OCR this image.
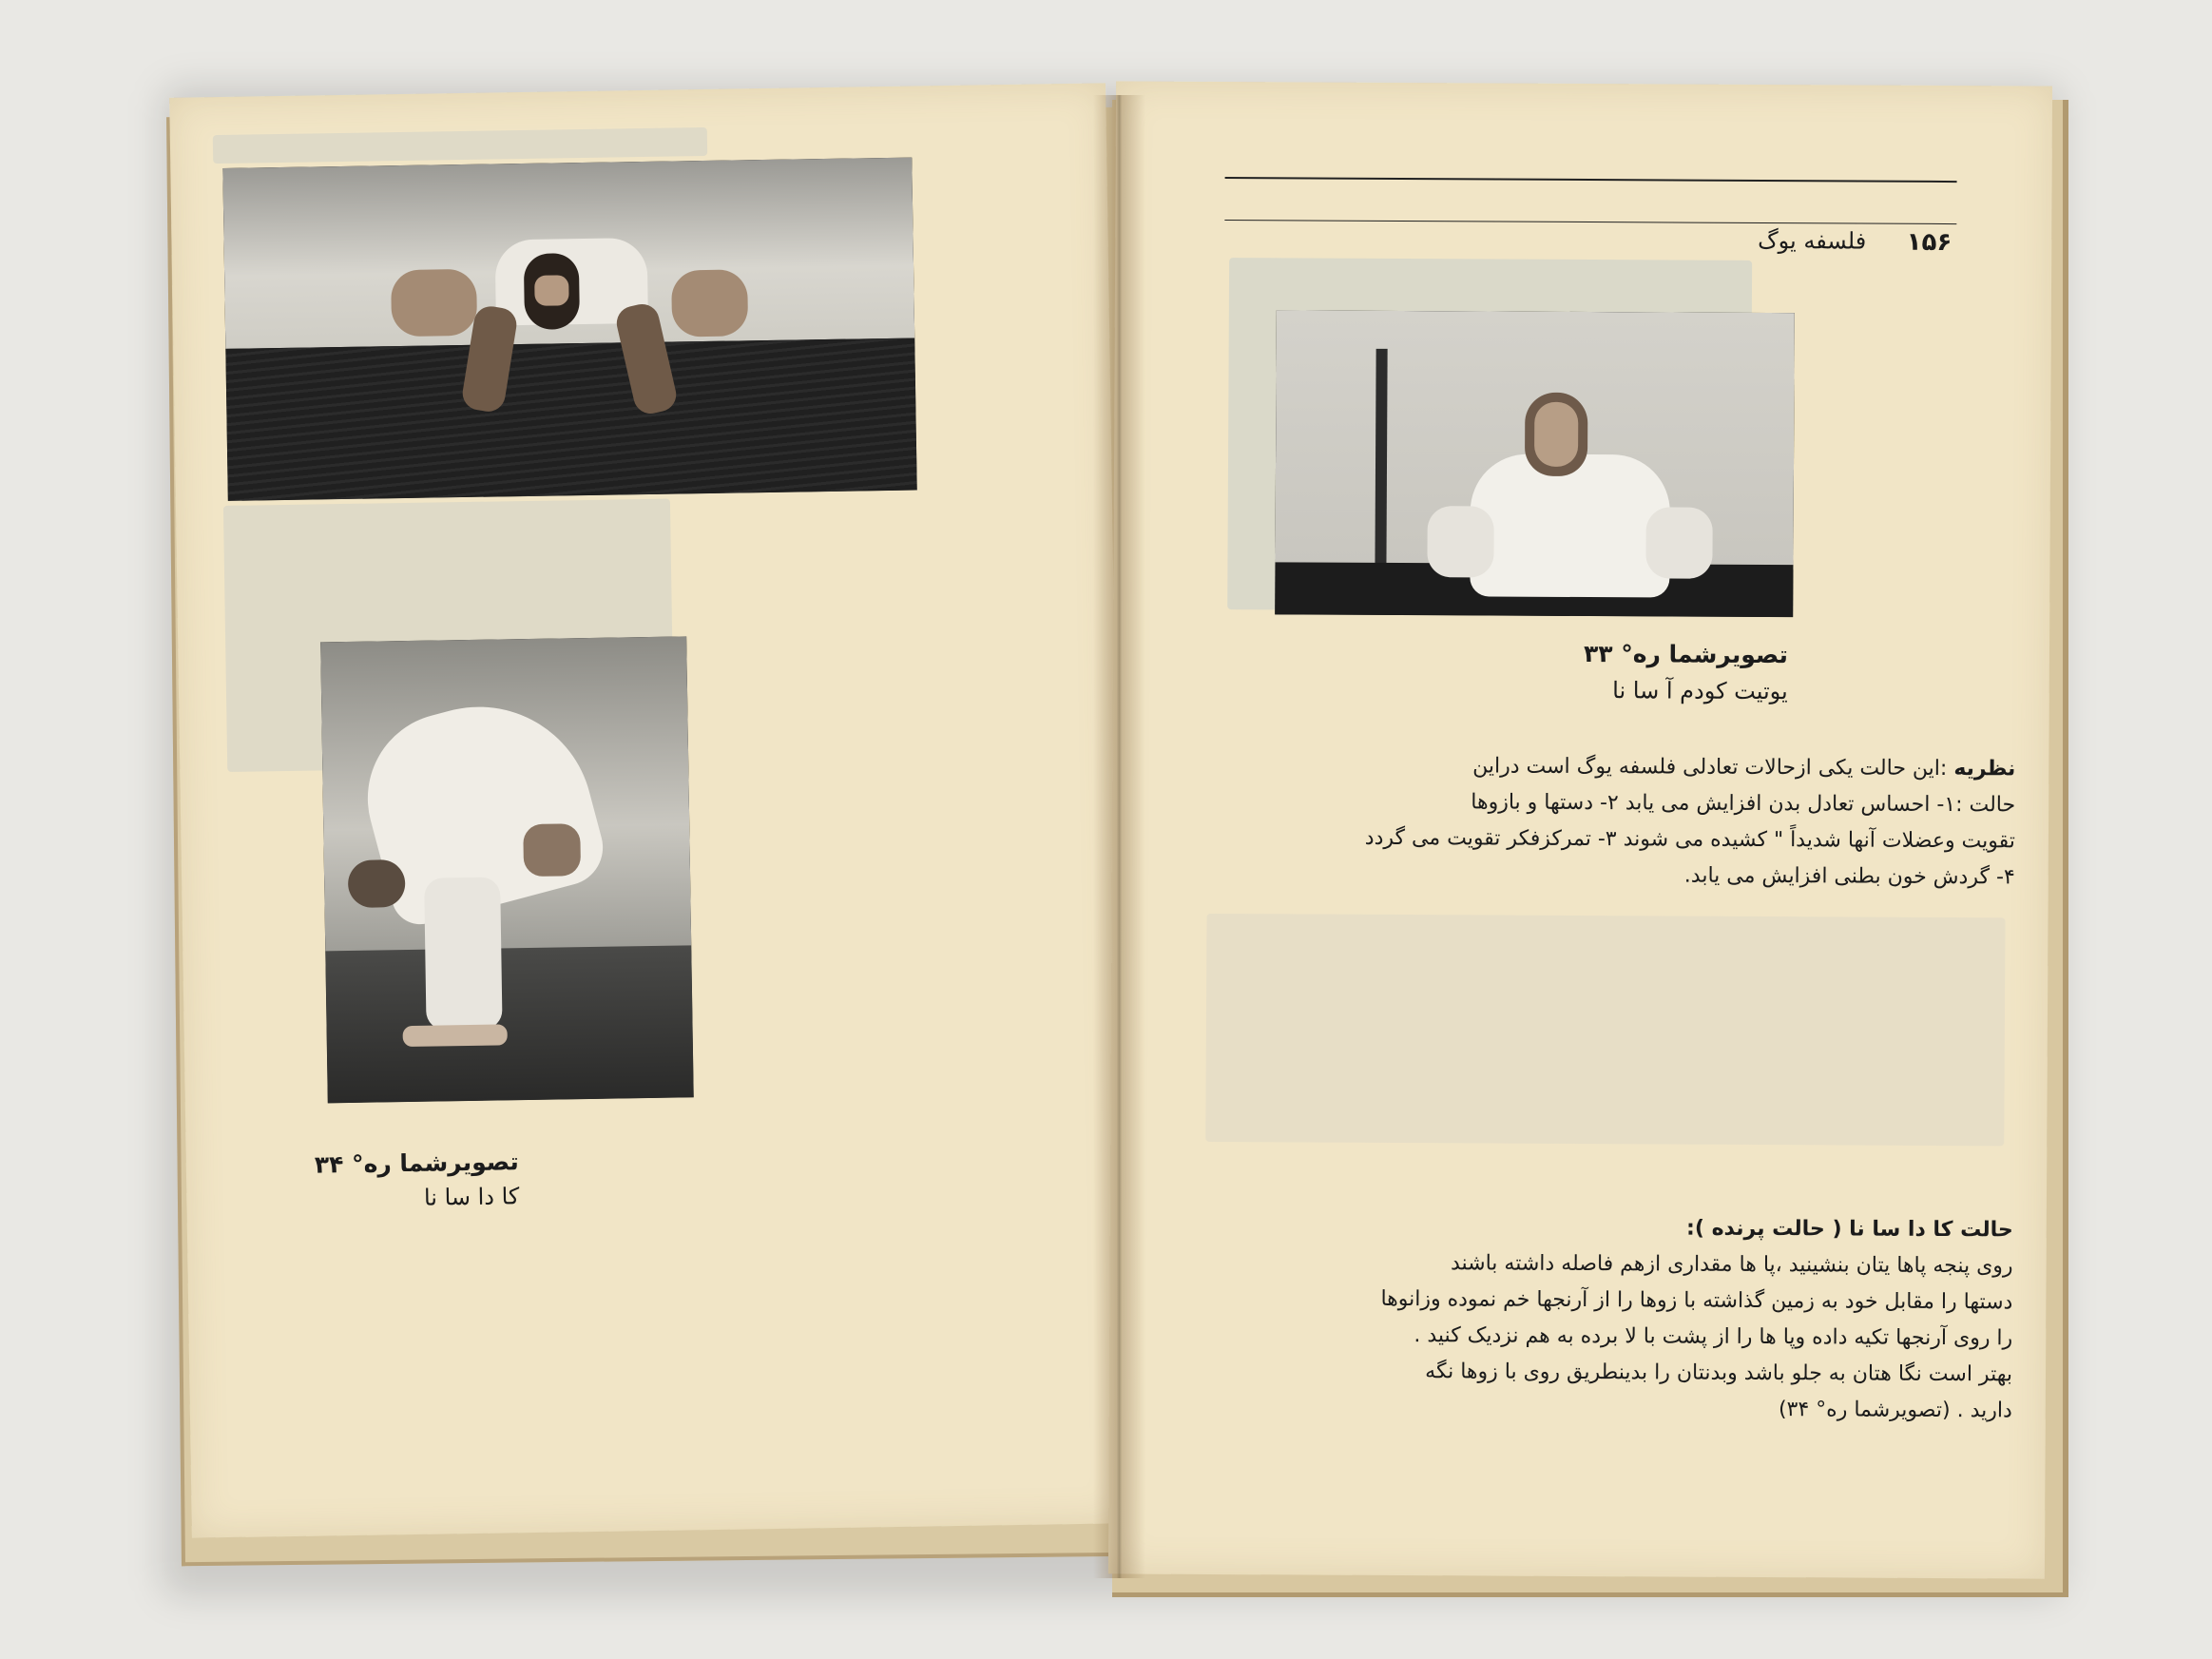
تصویرشما ره° ۳۴
کا دا سا نا
۱۵۶
فلسفه یوگ
تصویرشما ره° ۳۳
یوتیت کودم آ سا نا
نظریه :این حالت یکی ازحالات تعادلی فلسفه یوگ است دراین
حالت :۱- احساس تعادل بدن افزایش می یابد ۲- دستها و بازوها
تقویت وعضلات آنها شدیداً " کشیده می شوند ۳- تمرکزفکر تقویت می گردد
۴- گردش خون بطنی افزایش می یابد.
حالت کا دا سا نا ( حالت پرنده ):
روی پنجه پاها یتان بنشینید ،پا ها مقداری ازهم فاصله داشته باشند
دستها را مقابل خود به زمین گذاشته با زوها را از آرنجها خم نموده وزانوها
را روی آرنجها تکیه داده وپا ها را از پشت با لا برده به هم نزدیک کنید .
بهتر است نگا هتان به جلو باشد وبدنتان را بدینطریق روی با زوها نگه
دارید . (تصویرشما ره° ۳۴)
